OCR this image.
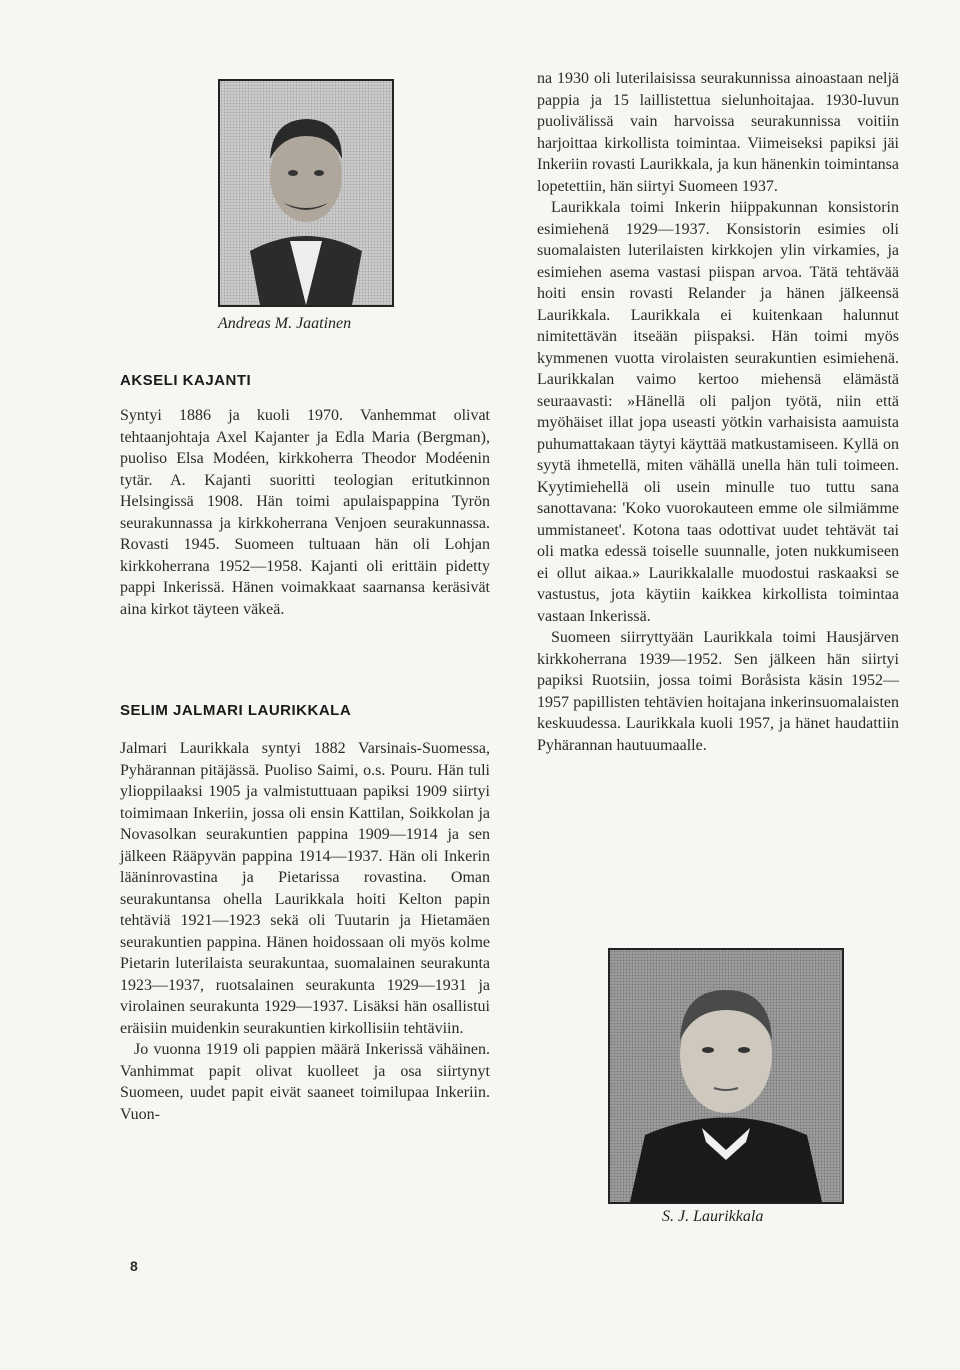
Andreas M. Jaatinen
AKSELI KAJANTI

Syntyi 1886 ja kuoli 1970. Vanhemmat olivat tehtaanjohtaja Axel Kajanter ja Edla Maria (Bergman), puoliso Elsa Modéen, kirkkoherra Theodor Modéenin tytär. A. Kajanti suoritti teologian eritutkinnon Helsingissä 1908. Hän toimi apulaispappina Tyrön seurakunnassa ja kirkkoherrana Venjoen seurakunnassa. Rovasti 1945. Suomeen tultuaan hän oli Lohjan kirkkoherrana 1952—1958. Kajanti oli erittäin pidetty pappi Inkerissä. Hänen voimakkaat saarnansa keräsivät aina kirkot täyteen väkeä.

SELIM JALMARI LAURIKKALA

Jalmari Laurikkala syntyi 1882 Varsinais-Suomessa, Pyhärannan pitäjässä. Puoliso Saimi, o.s. Pouru. Hän tuli ylioppilaaksi 1905 ja valmistuttuaan papiksi 1909 siirtyi toimimaan Inkeriin, jossa oli ensin Kattilan, Soikkolan ja Novasolkan seurakuntien pappina 1909—1914 ja sen jälkeen Rääpyvän pappina 1914—1937. Hän oli Inkerin lääninrovastina ja Pietarissa rovastina. Oman seurakuntansa ohella Laurikkala hoiti Kelton papin tehtäviä 1921—1923 sekä oli Tuutarin ja Hietamäen seurakuntien pappina. Hänen hoidossaan oli myös kolme Pietarin luterilaista seurakuntaa, suomalainen seurakunta 1923—1937, ruotsalainen seurakunta 1929—1931 ja virolainen seurakunta 1929—1937. Lisäksi hän osallistui eräisiin muidenkin seurakuntien kirkollisiin tehtäviin.

Jo vuonna 1919 oli pappien määrä Inkerissä vähäinen. Vanhimmat papit olivat kuolleet ja osa siirtynyt Suomeen, uudet papit eivät saaneet toimilupaa Inkeriin. Vuon-

na 1930 oli luterilaisissa seurakunnissa ainoastaan neljä pappia ja 15 laillistettua sielunhoitajaa. 1930-luvun puolivälissä vain harvoissa seurakunnissa voitiin harjoittaa kirkollista toimintaa. Viimeiseksi papiksi jäi Inkeriin rovasti Laurikkala, ja kun hänenkin toimintansa lopetettiin, hän siirtyi Suomeen 1937.

Laurikkala toimi Inkerin hiippakunnan konsistorin esimiehenä 1929—1937. Konsistorin esimies oli suomalaisten luterilaisten kirkkojen ylin virkamies, ja esimiehen asema vastasi piispan arvoa. Tätä tehtävää hoiti ensin rovasti Relander ja hänen jälkeensä Laurikkala. Laurikkala ei kuitenkaan halunnut nimitettävän itseään piispaksi. Hän toimi myös kymmenen vuotta virolaisten seurakuntien esimiehenä. Laurikkalan vaimo kertoo miehensä elämästä seuraavasti: »Hänellä oli paljon työtä, niin että myöhäiset illat jopa useasti yötkin varhaisista aamuista puhumattakaan täytyi käyttää matkustamiseen. Kyllä on syytä ihmetellä, miten vähällä unella hän tuli toimeen. Kyytimiehellä oli usein minulle tuo tuttu sana sanottavana: 'Koko vuorokauteen emme ole silmiämme ummistaneet'. Kotona taas odottivat uudet tehtävät tai oli matka edessä toiselle suunnalle, joten nukkumiseen ei ollut aikaa.» Laurikkalalle muodostui raskaaksi se vastustus, jota käytiin kaikkea kirkollista toimintaa vastaan Inkerissä.

Suomeen siirryttyään Laurikkala toimi Hausjärven kirkkoherrana 1939—1952. Sen jälkeen hän siirtyi papiksi Ruotsiin, jossa toimi Boråsista käsin 1952—1957 papillisten tehtävien hoitajana inkerinsuomalaisten keskuudessa. Laurikkala kuoli 1957, ja hänet haudattiin Pyhärannan hautuumaalle.

S. J. Laurikkala
8
